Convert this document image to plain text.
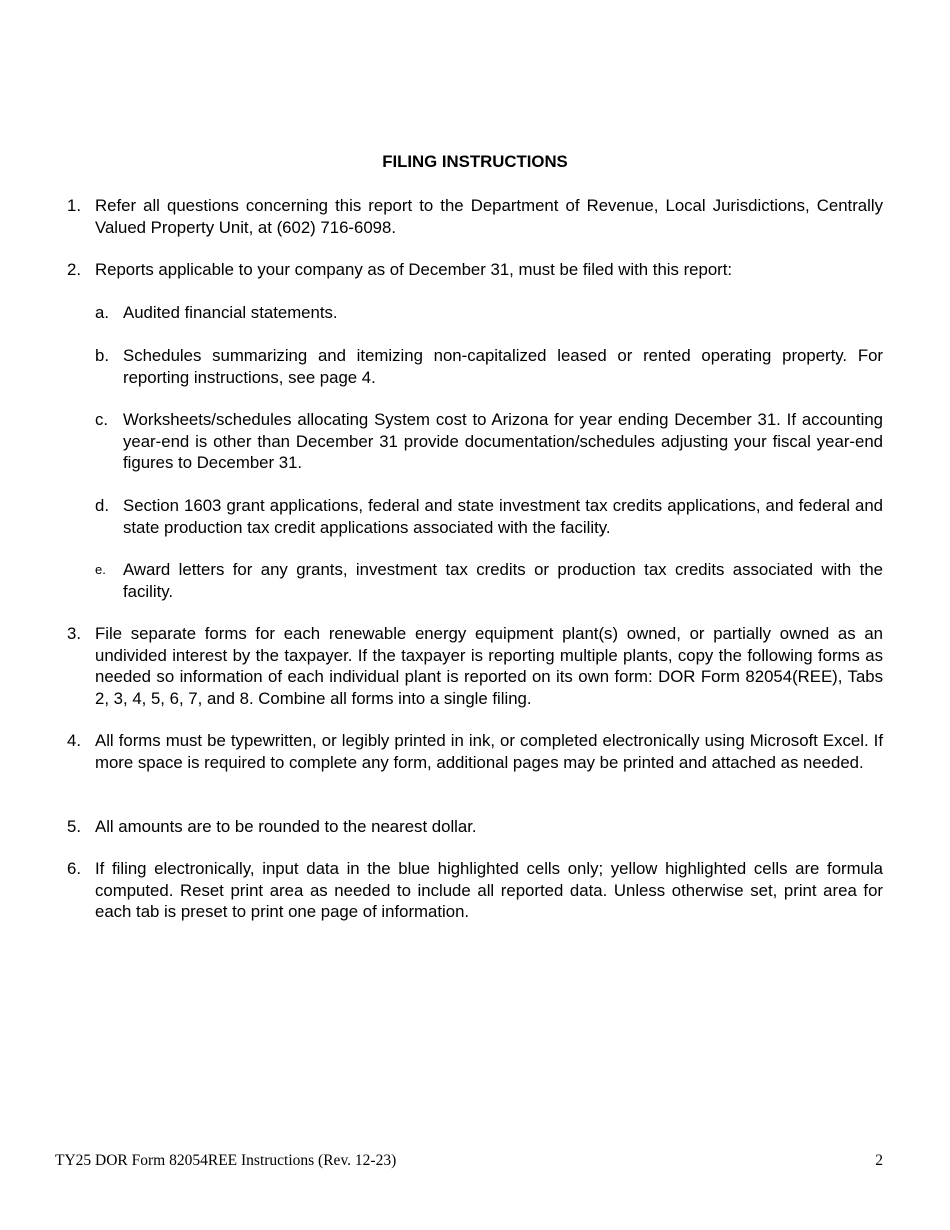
FILING INSTRUCTIONS
1. Refer all questions concerning this report to the Department of Revenue, Local Jurisdictions, Centrally Valued Property Unit, at (602) 716-6098.
2. Reports applicable to your company as of December 31, must be filed with this report:
a. Audited financial statements.
b. Schedules summarizing and itemizing non-capitalized leased or rented operating property. For reporting instructions, see page 4.
c. Worksheets/schedules allocating System cost to Arizona for year ending December 31. If accounting year-end is other than December 31 provide documentation/schedules adjusting your fiscal year-end figures to December 31.
d. Section 1603 grant applications, federal and state investment tax credits applications, and federal and state production tax credit applications associated with the facility.
e. Award letters for any grants, investment tax credits or production tax credits associated with the facility.
3. File separate forms for each renewable energy equipment plant(s) owned, or partially owned as an undivided interest by the taxpayer. If the taxpayer is reporting multiple plants, copy the following forms as needed so information of each individual plant is reported on its own form: DOR Form 82054(REE), Tabs 2, 3, 4, 5, 6, 7, and 8. Combine all forms into a single filing.
4. All forms must be typewritten, or legibly printed in ink, or completed electronically using Microsoft Excel. If more space is required to complete any form, additional pages may be printed and attached as needed.
5. All amounts are to be rounded to the nearest dollar.
6. If filing electronically, input data in the blue highlighted cells only; yellow highlighted cells are formula computed. Reset print area as needed to include all reported data. Unless otherwise set, print area for each tab is preset to print one page of information.
TY25 DOR Form 82054REE Instructions (Rev. 12-23)	2
